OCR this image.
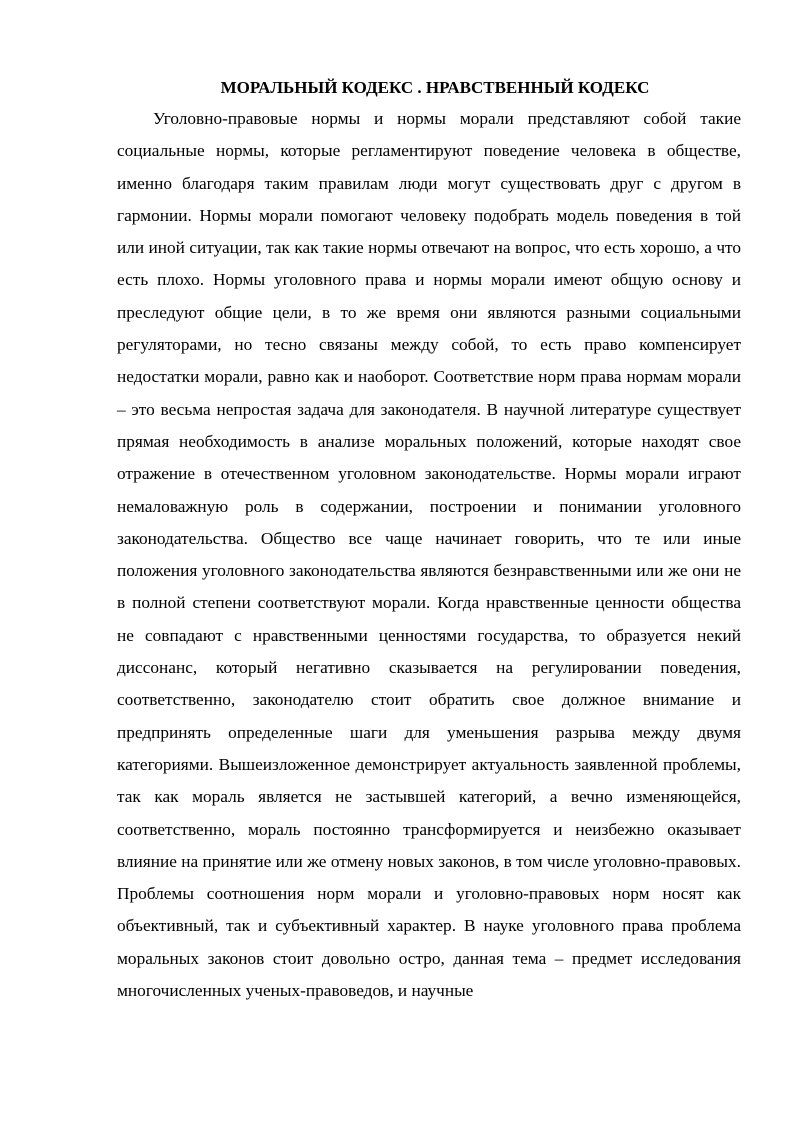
МОРАЛЬНЫЙ КОДЕКС . НРАВСТВЕННЫЙ КОДЕКС

Уголовно-правовые нормы и нормы морали представляют собой такие социальные нормы, которые регламентируют поведение человека в обществе, именно благодаря таким правилам люди могут существовать друг с другом в гармонии. Нормы морали помогают человеку подобрать модель поведения в той или иной ситуации, так как такие нормы отвечают на вопрос, что есть хорошо, а что есть плохо. Нормы уголовного права и нормы морали имеют общую основу и преследуют общие цели, в то же время они являются разными социальными регуляторами, но тесно связаны между собой, то есть право компенсирует недостатки морали, равно как и наоборот. Соответствие норм права нормам морали – это весьма непростая задача для законодателя. В научной литературе существует прямая необходимость в анализе моральных положений, которые находят свое отражение в отечественном уголовном законодательстве. Нормы морали играют немаловажную роль в содержании, построении и понимании уголовного законодательства. Общество все чаще начинает говорить, что те или иные положения уголовного законодательства являются безнравственными или же они не в полной степени соответствуют морали. Когда нравственные ценности общества не совпадают с нравственными ценностями государства, то образуется некий диссонанс, который негативно сказывается на регулировании поведения, соответственно, законодателю стоит обратить свое должное внимание и предпринять определенные шаги для уменьшения разрыва между двумя категориями. Вышеизложенное демонстрирует актуальность заявленной проблемы, так как мораль является не застывшей категорий, а вечно изменяющейся, соответственно, мораль постоянно трансформируется и неизбежно оказывает влияние на принятие или же отмену новых законов, в том числе уголовно-правовых. Проблемы соотношения норм морали и уголовно-правовых норм носят как объективный, так и субъективный характер. В науке уголовного права проблема моральных законов стоит довольно остро, данная тема – предмет исследования многочисленных ученых-правоведов, и научные
